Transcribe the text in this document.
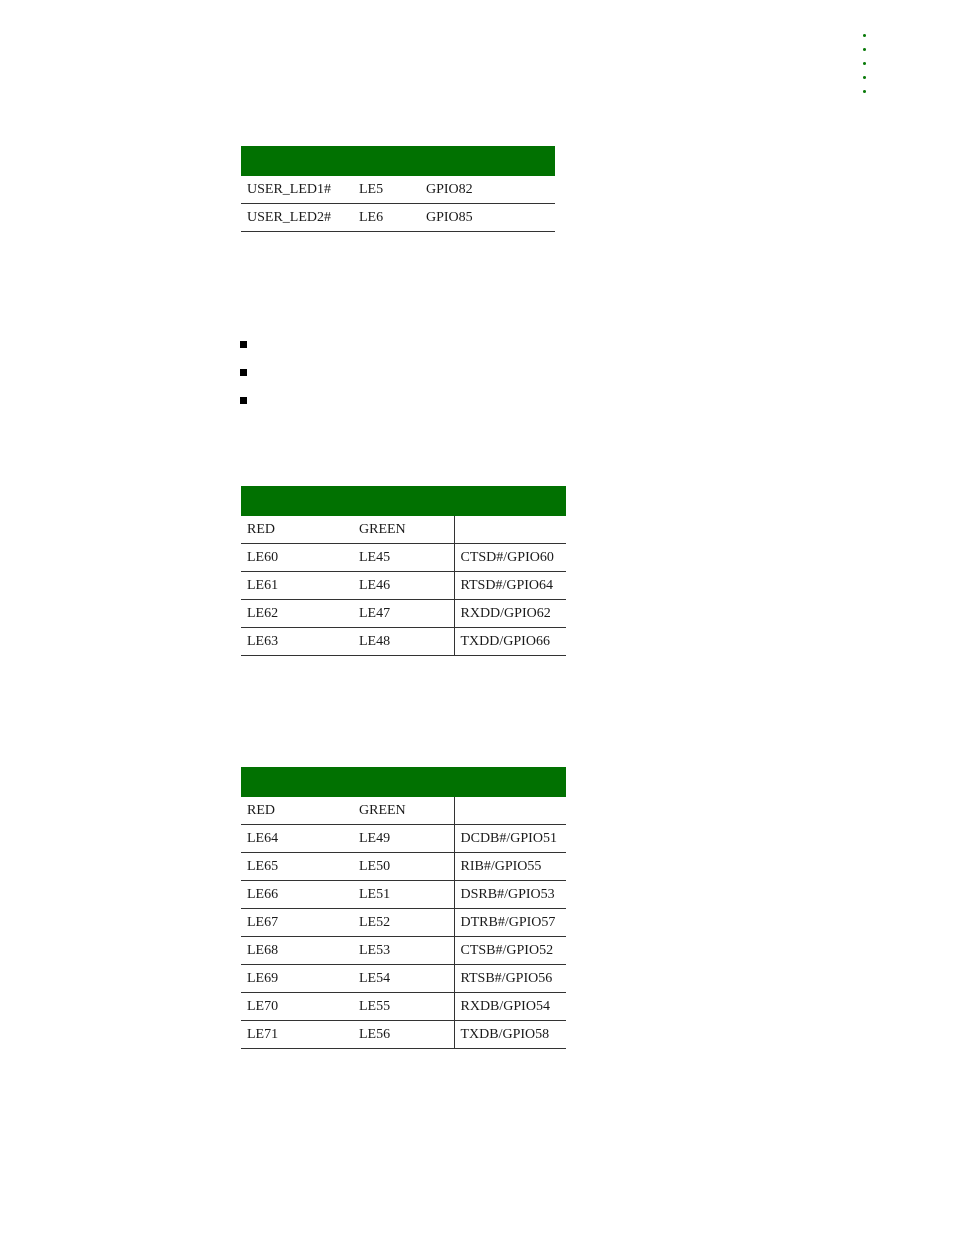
USER_LED1#	LE5	GPIO82
USER_LED2#	LE6	GPIO85

RED	GREEN	
LE60	LE45	CTSD#/GPIO60
LE61	LE46	RTSD#/GPIO64
LE62	LE47	RXDD/GPIO62
LE63	LE48	TXDD/GPIO66

RED	GREEN	
LE64	LE49	DCDB#/GPIO51
LE65	LE50	RIB#/GPIO55
LE66	LE51	DSRB#/GPIO53
LE67	LE52	DTRB#/GPIO57
LE68	LE53	CTSB#/GPIO52
LE69	LE54	RTSB#/GPIO56
LE70	LE55	RXDB/GPIO54
LE71	LE56	TXDB/GPIO58
